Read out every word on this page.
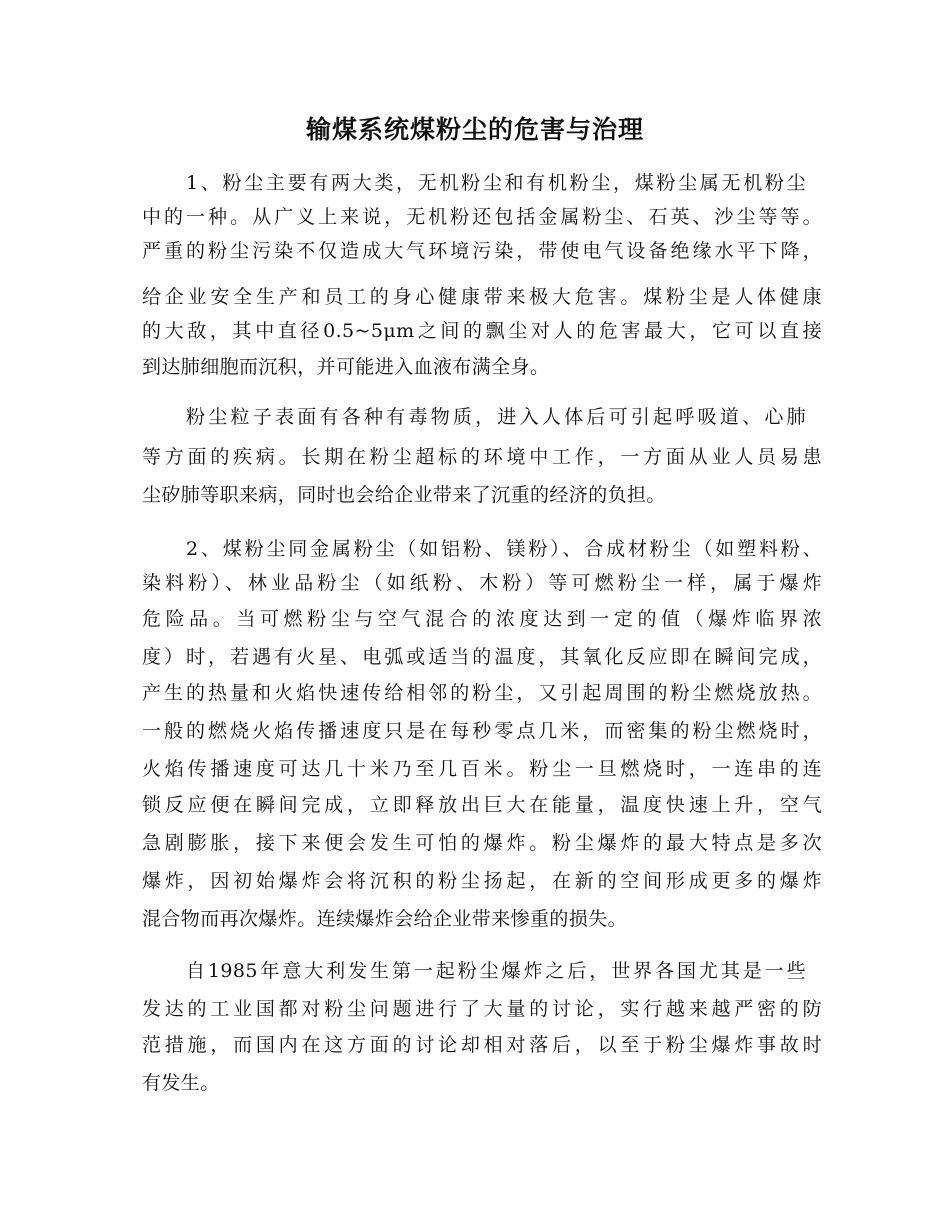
输煤系统煤粉尘的危害与治理
1、粉尘主要有两大类，无机粉尘和有机粉尘，煤粉尘属无机粉尘
中的一种。从广义上来说，无机粉还包括金属粉尘、石英、沙尘等等。
严重的粉尘污染不仅造成大气环境污染，带使电气设备绝缘水平下降，
给企业安全生产和员工的身心健康带来极大危害。煤粉尘是人体健康
的大敌，其中直径0.5~5μm之间的飘尘对人的危害最大，它可以直接
到达肺细胞而沉积，并可能进入血液布满全身。
粉尘粒子表面有各种有毒物质，进入人体后可引起呼吸道、心肺
等方面的疾病。长期在粉尘超标的环境中工作，一方面从业人员易患
尘矽肺等职来病，同时也会给企业带来了沉重的经济的负担。
2、煤粉尘同金属粉尘（如铝粉、镁粉）、合成材粉尘（如塑料粉、
染料粉）、林业品粉尘（如纸粉、木粉）等可燃粉尘一样，属于爆炸
危险品。当可燃粉尘与空气混合的浓度达到一定的值（爆炸临界浓
度）时，若遇有火星、电弧或适当的温度，其氧化反应即在瞬间完成，
产生的热量和火焰快速传给相邻的粉尘，又引起周围的粉尘燃烧放热。
一般的燃烧火焰传播速度只是在每秒零点几米，而密集的粉尘燃烧时，
火焰传播速度可达几十米乃至几百米。粉尘一旦燃烧时，一连串的连
锁反应便在瞬间完成，立即释放出巨大在能量，温度快速上升，空气
急剧膨胀，接下来便会发生可怕的爆炸。粉尘爆炸的最大特点是多次
爆炸，因初始爆炸会将沉积的粉尘扬起，在新的空间形成更多的爆炸
混合物而再次爆炸。连续爆炸会给企业带来惨重的损失。
自1985年意大利发生第一起粉尘爆炸之后，世界各国尤其是一些
发达的工业国都对粉尘问题进行了大量的讨论，实行越来越严密的防
范措施，而国内在这方面的讨论却相对落后，以至于粉尘爆炸事故时
有发生。
